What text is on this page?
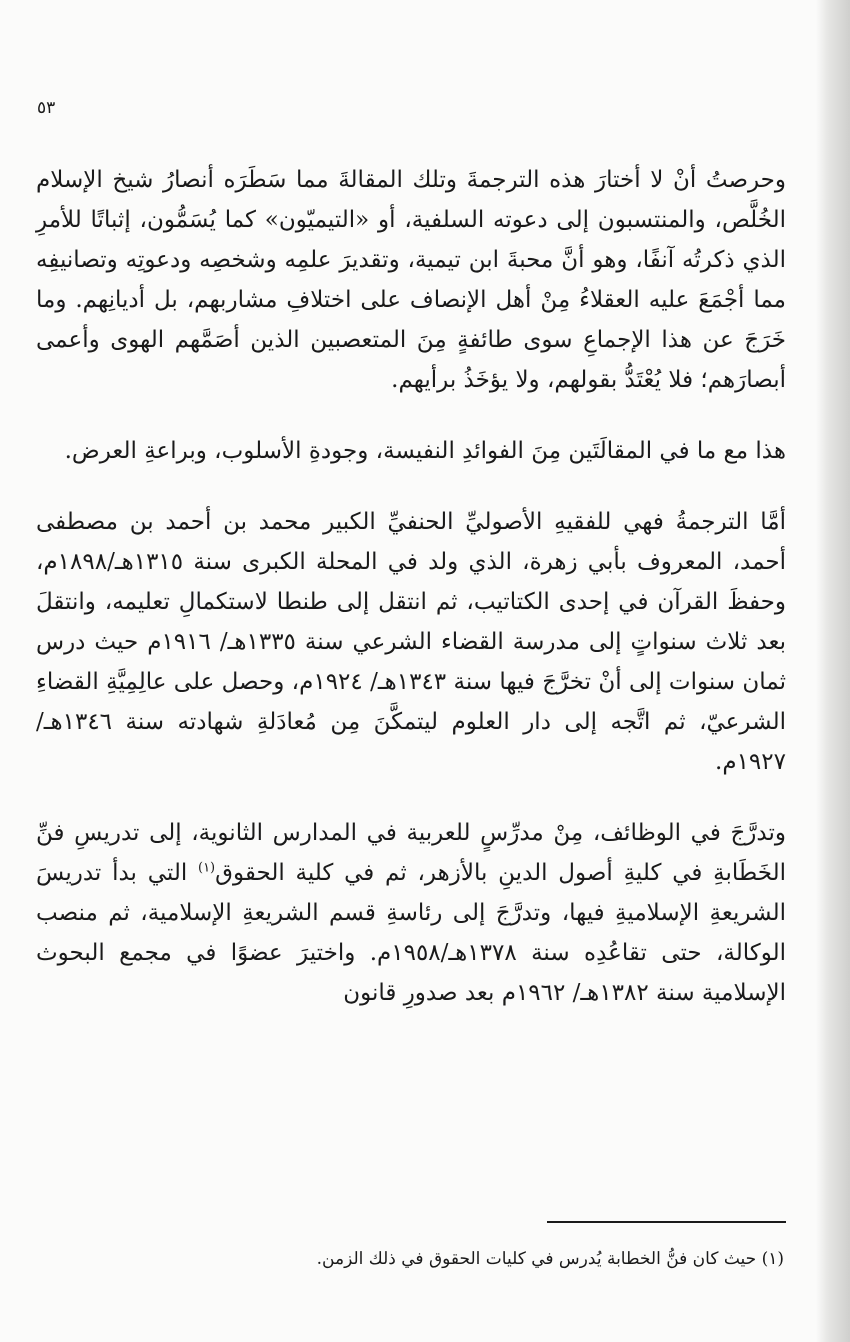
٥٣

وحرصتُ أنْ لا أختارَ هذه الترجمةَ وتلك المقالةَ مما سَطَرَه أنصارُ شيخ الإسلام الخُلَّص، والمنتسبون إلى دعوته السلفية، أو «التيميّون» كما يُسَمُّون، إثباتًا للأمرِ الذي ذكرتُه آنفًا، وهو أنَّ محبةَ ابن تيمية، وتقديرَ علمِه وشخصِه ودعوتِه وتصانيفِه مما أجْمَعَ عليه العقلاءُ مِنْ أهل الإنصاف على اختلافِ مشاربهم، بل أديانِهم. وما خَرَجَ عن هذا الإجماعِ سوى طائفةٍ مِنَ المتعصبين الذين أصَمَّهم الهوى وأعمى أبصارَهم؛ فلا يُعْتَدُّ بقولهم، ولا يؤخَذُ برأيهم.

هذا مع ما في المقالَتَين مِنَ الفوائدِ النفيسة، وجودةِ الأسلوب، وبراعةِ العرض.

أمَّا الترجمةُ فهي للفقيهِ الأصوليِّ الحنفيِّ الكبير محمد بن أحمد بن مصطفى أحمد، المعروف بأبي زهرة، الذي ولد في المحلة الكبرى سنة ١٣١٥هـ/١٨٩٨م، وحفظَ القرآن في إحدى الكتاتيب، ثم انتقل إلى طنطا لاستكمالِ تعليمه، وانتقلَ بعد ثلاث سنواتٍ إلى مدرسة القضاء الشرعي سنة ١٣٣٥هـ/ ١٩١٦م حيث درس ثمان سنوات إلى أنْ تخرَّجَ فيها سنة ١٣٤٣هـ/ ١٩٢٤م، وحصل على عالِمِيَّةِ القضاءِ الشرعيّ، ثم اتَّجه إلى دار العلوم ليتمكَّنَ مِن مُعادَلةِ شهادته سنة ١٣٤٦هـ/ ١٩٢٧م.

وتدرَّجَ في الوظائف، مِنْ مدرِّسٍ للعربية في المدارس الثانوية، إلى تدريسِ فنِّ الخَطَابةِ في كليةِ أصول الدينِ بالأزهر، ثم في كلية الحقوق$^{(١)}$ التي بدأ تدريسَ الشريعةِ الإسلاميةِ فيها، وتدرَّجَ إلى رئاسةِ قسم الشريعةِ الإسلامية، ثم منصب الوكالة، حتى تقاعُدِه سنة ١٣٧٨هـ/١٩٥٨م. واختيرَ عضوًا في مجمع البحوث الإسلامية سنة ١٣٨٢هـ/ ١٩٦٢م بعد صدورِ قانون

(١) حيث كان فنُّ الخطابة يُدرس في كليات الحقوق في ذلك الزمن.
